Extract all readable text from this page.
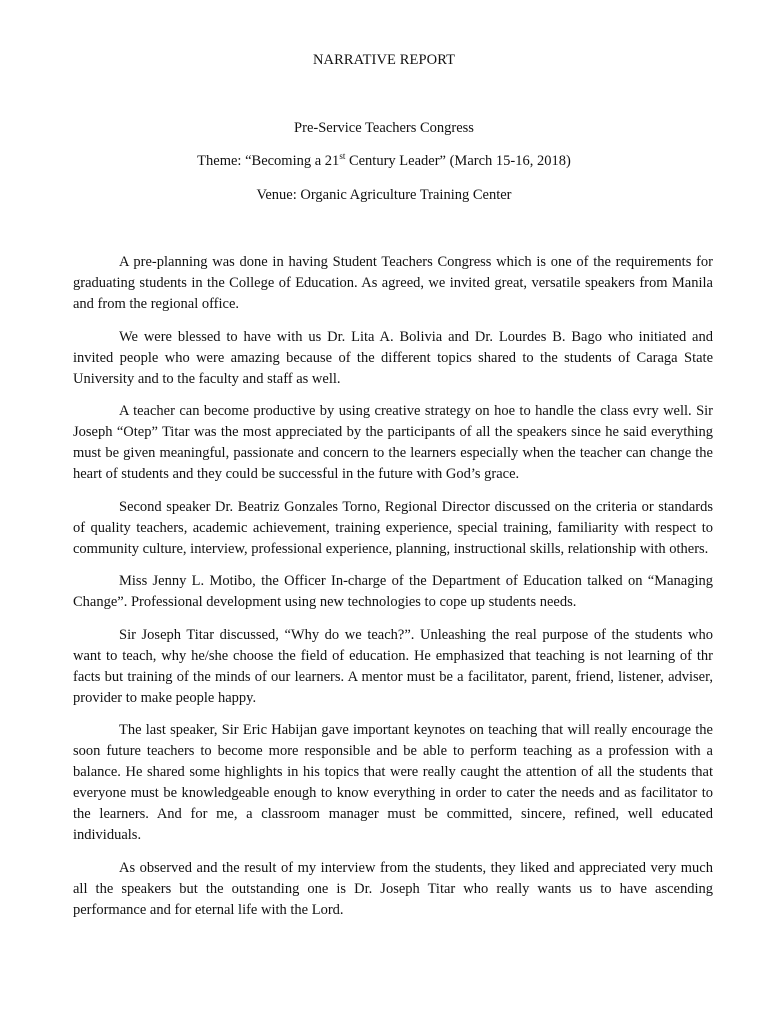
NARRATIVE REPORT
Pre-Service Teachers Congress
Theme: “Becoming a 21st Century Leader” (March 15-16, 2018)
Venue: Organic Agriculture Training Center

A pre-planning was done in having Student Teachers Congress which is one of the requirements for graduating students in the College of Education. As agreed, we invited great, versatile speakers from Manila and from the regional office.

We were blessed to have with us Dr. Lita A. Bolivia and Dr. Lourdes B. Bago who initiated and invited people who were amazing because of the different topics shared to the students of Caraga State University and to the faculty and staff as well.

A teacher can become productive by using creative strategy on hoe to handle the class evry well. Sir Joseph “Otep” Titar was the most appreciated by the participants of all the speakers since he said everything must be given meaningful, passionate and concern to the learners especially when the teacher can change the heart of students and they could be successful in the future with God’s grace.

Second speaker Dr. Beatriz Gonzales Torno, Regional Director discussed on the criteria or standards of quality teachers, academic achievement, training experience, special training, familiarity with respect to community culture, interview, professional experience, planning, instructional skills, relationship with others.

Miss Jenny L. Motibo, the Officer In-charge of the Department of Education talked on “Managing Change”. Professional development using new technologies to cope up students needs.

Sir Joseph Titar discussed, “Why do we teach?”. Unleashing the real purpose of the students who want to teach, why he/she choose the field of education. He emphasized that teaching is not learning of thr facts but training of the minds of our learners. A mentor must be a facilitator, parent, friend, listener, adviser, provider to make people happy.

The last speaker, Sir Eric Habijan gave important keynotes on teaching that will really encourage the soon future teachers to become more responsible and be able to perform teaching as a profession with a balance. He shared some highlights in his topics that were really caught the attention of all the students that everyone must be knowledgeable enough to know everything in order to cater the needs and as facilitator to the learners. And for me, a classroom manager must be committed, sincere, refined, well educated individuals.

As observed and the result of my interview from the students, they liked and appreciated very much all the speakers but the outstanding one is Dr. Joseph Titar who really wants us to have ascending performance and for eternal life with the Lord.
